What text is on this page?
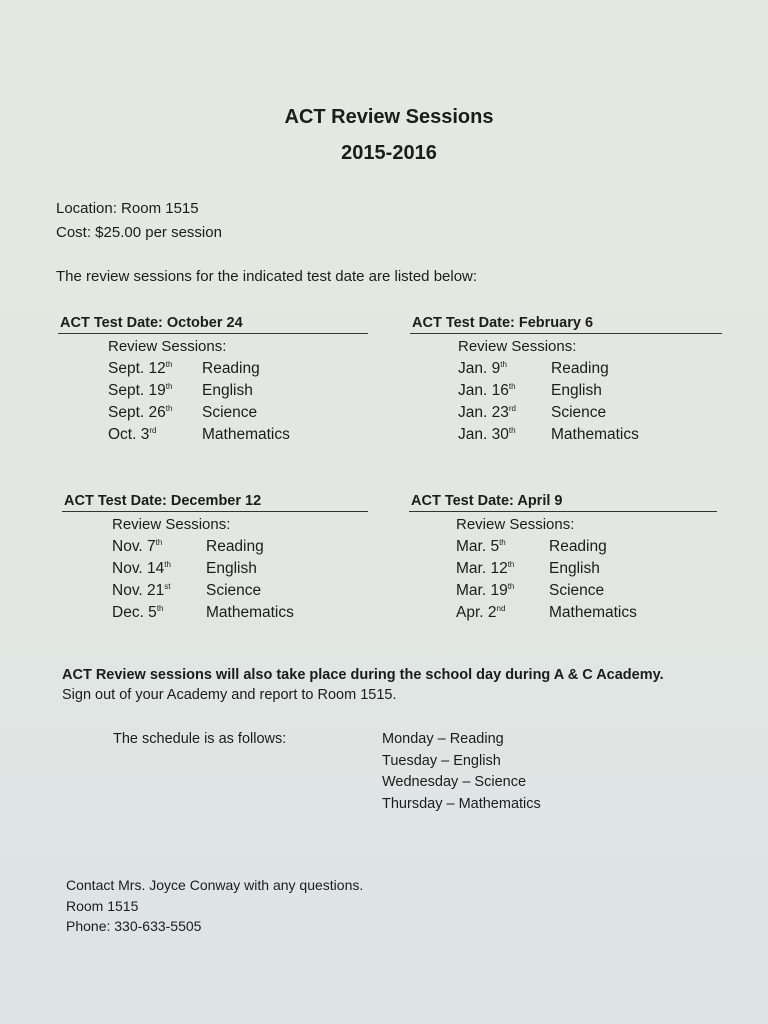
ACT Review Sessions
2015-2016
Location: Room 1515
Cost: $25.00 per session
The review sessions for the indicated test date are listed below:
ACT Test Date: October 24
Review Sessions:
Sept. 12th	Reading
Sept. 19th	English
Sept. 26th	Science
Oct. 3rd	Mathematics
ACT Test Date: February 6
Review Sessions:
Jan. 9th	Reading
Jan. 16th	English
Jan. 23rd	Science
Jan. 30th	Mathematics
ACT Test Date: December 12
Review Sessions:
Nov. 7th	Reading
Nov. 14th	English
Nov. 21st	Science
Dec. 5th	Mathematics
ACT Test Date: April 9
Review Sessions:
Mar. 5th	Reading
Mar. 12th	English
Mar. 19th	Science
Apr. 2nd	Mathematics
ACT Review sessions will also take place during the school day during A & C Academy.
Sign out of your Academy and report to Room 1515.
The schedule is as follows:	Monday – Reading
Tuesday – English
Wednesday – Science
Thursday – Mathematics
Contact Mrs. Joyce Conway with any questions.
Room 1515
Phone: 330-633-5505
